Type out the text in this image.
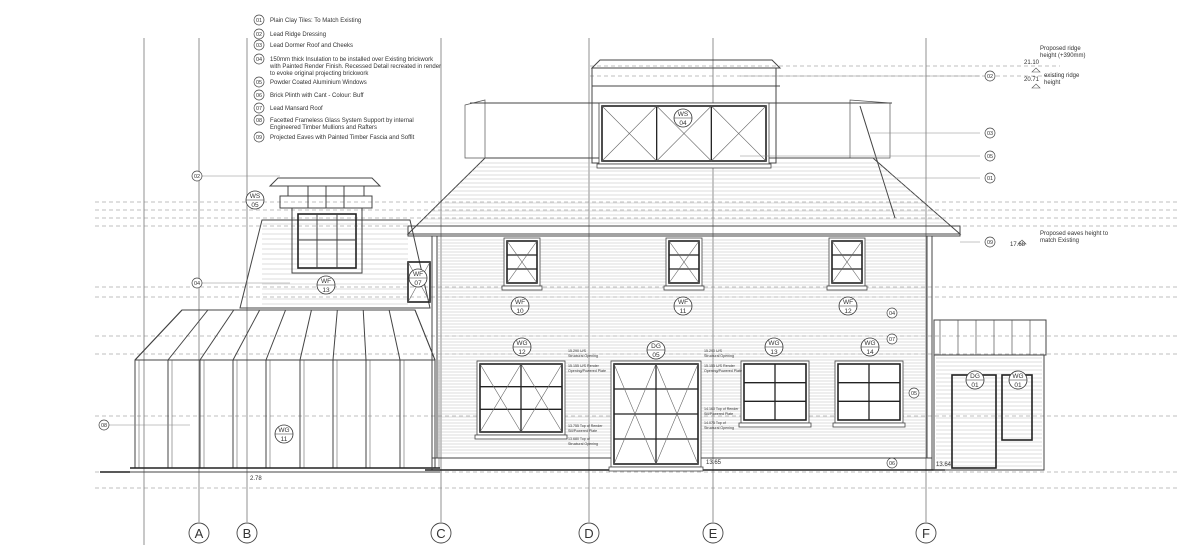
01 Plain Clay Tiles: To Match Existing
02 Lead Ridge Dressing
03 Lead Dormer Roof and Cheeks
04 150mm thick Insulation to be installed over Existing brickwork
with Painted Render Finish. Recessed Detail recreated in render
to evoke original projecting brickwork
05 Powder Coated Aluminium Windows
06 Brick Plinth with Cant - Colour: Buff
07 Lead Mansard Roof
08 Facetted Frameless Glass System Support by internal
Engineered Timber Mullions and Rafters
09 Projected Eaves with Painted Timber Fascia and Soffit
Proposed ridge
height (+390mm)
21.10
existing ridge
height
20.71
Proposed eaves height to
match Existing
17.68
13.65	13.64
2.78
15.290 U/S
Structural Opening
15.155 U/S Render
Opening/Powered Plate
13.755 Top of Render
Sill/Powered Plate
13.680 Top of
Structural Opening
15.290 U/S
Structural Opening
15.155 U/S Render
Opening/Powered Plate
14.160 Top of Render
Sill/Powered Plate
14.075 Top of
Structural Opening
02
03
05
01
09
04
07
05
06
02
04
08
WS
04
WS
05
WF
07
WF
13
WF
10
WF
11
WF
12
WG
12
DG
05
WG
13
WG
14
DG
01
WG
01
WG
11
A	B	C	D	E	F
